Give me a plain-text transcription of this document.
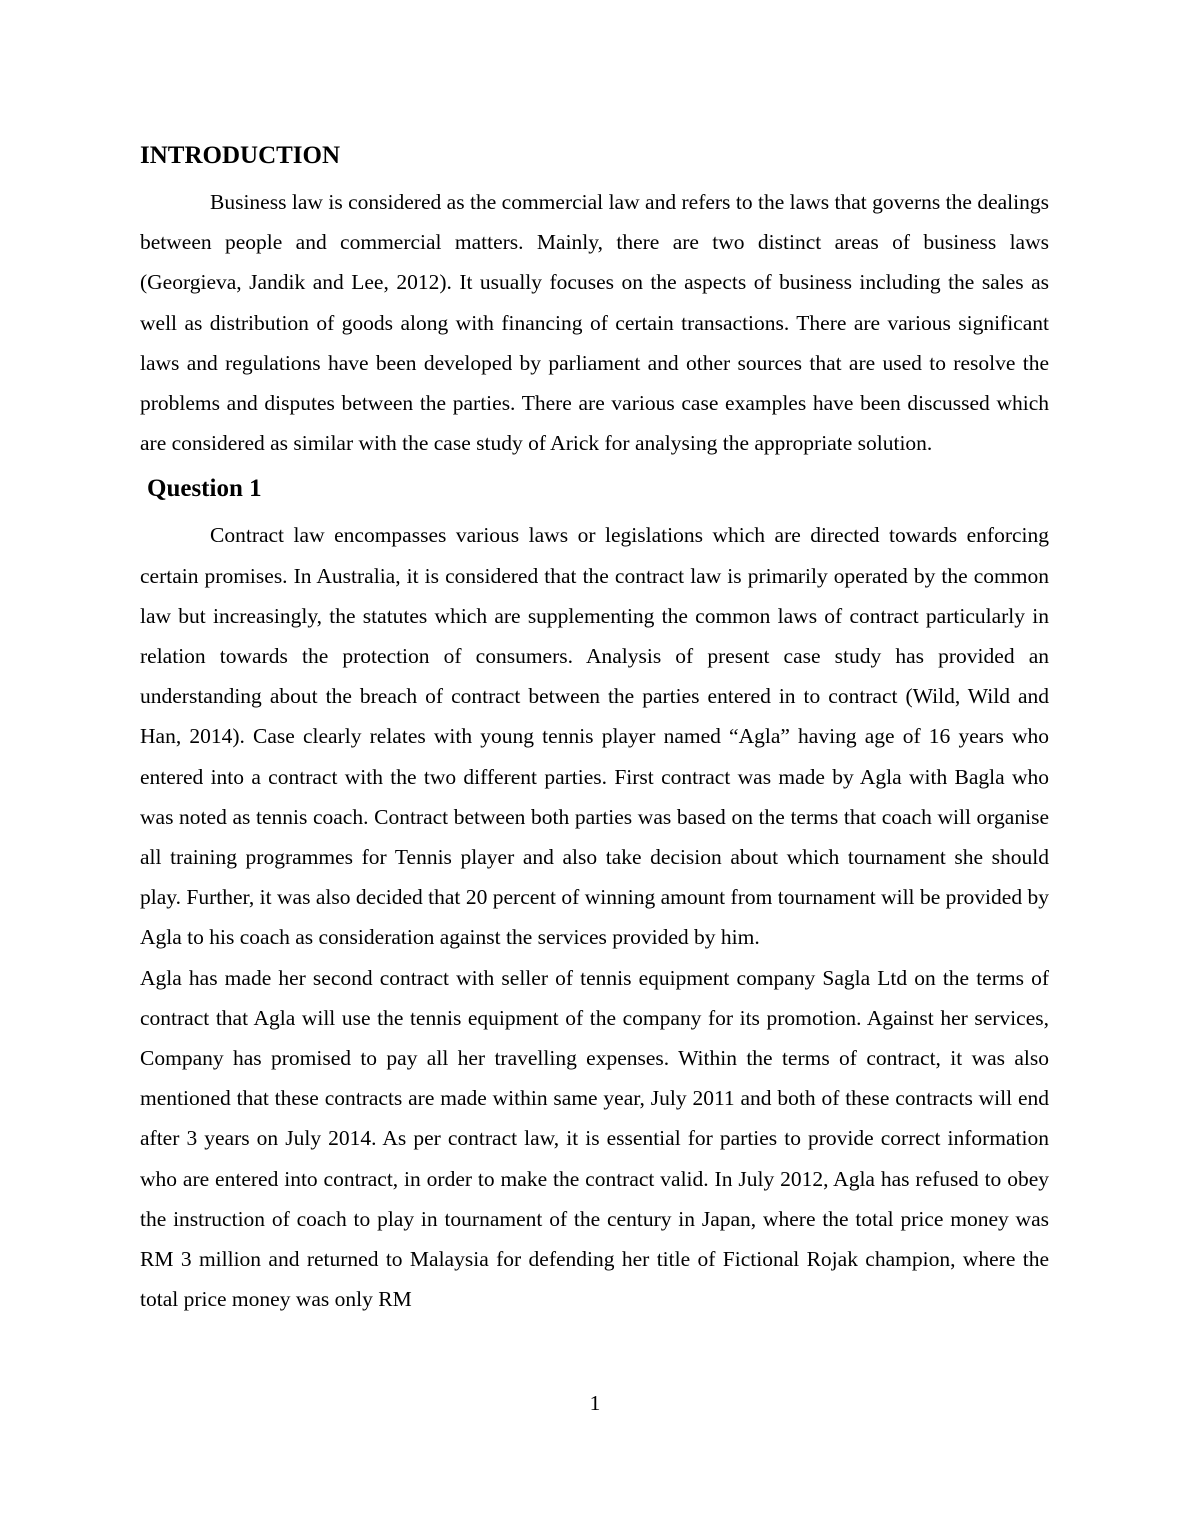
INTRODUCTION

Business law is considered as the commercial law and refers to the laws that governs the dealings between people and commercial matters. Mainly, there are two distinct areas of business laws (Georgieva, Jandik and Lee, 2012). It usually focuses on the aspects of business including the sales as well as distribution of goods along with financing of certain transactions. There are various significant laws and regulations have been developed by parliament and other sources that are used to resolve the problems and disputes between the parties. There are various case examples have been discussed which are considered as similar with the case study of Arick for analysing the appropriate solution.

Question 1

Contract law encompasses various laws or legislations which are directed towards enforcing certain promises. In Australia, it is considered that the contract law is primarily operated by the common law but increasingly, the statutes which are supplementing the common laws of contract particularly in relation towards the protection of consumers. Analysis of present case study has provided an understanding about the breach of contract between the parties entered in to contract (Wild, Wild and Han, 2014). Case clearly relates with young tennis player named “Agla” having age of 16 years who entered into a contract with the two different parties. First contract was made by Agla with Bagla who was noted as tennis coach. Contract between both parties was based on the terms that coach will organise all training programmes for Tennis player and also take decision about which tournament she should play. Further, it was also decided that 20 percent of winning amount from tournament will be provided by Agla to his coach as consideration against the services provided by him.

Agla has made her second contract with seller of tennis equipment company Sagla Ltd on the terms of contract that Agla will use the tennis equipment of the company for its promotion. Against her services, Company has promised to pay all her travelling expenses. Within the terms of contract, it was also mentioned that these contracts are made within same year, July 2011 and both of these contracts will end after 3 years on July 2014. As per contract law, it is essential for parties to provide correct information who are entered into contract, in order to make the contract valid. In July 2012, Agla has refused to obey the instruction of coach to play in tournament of the century in Japan, where the total price money was RM 3 million and returned to Malaysia for defending her title of Fictional Rojak champion, where the total price money was only RM

1
